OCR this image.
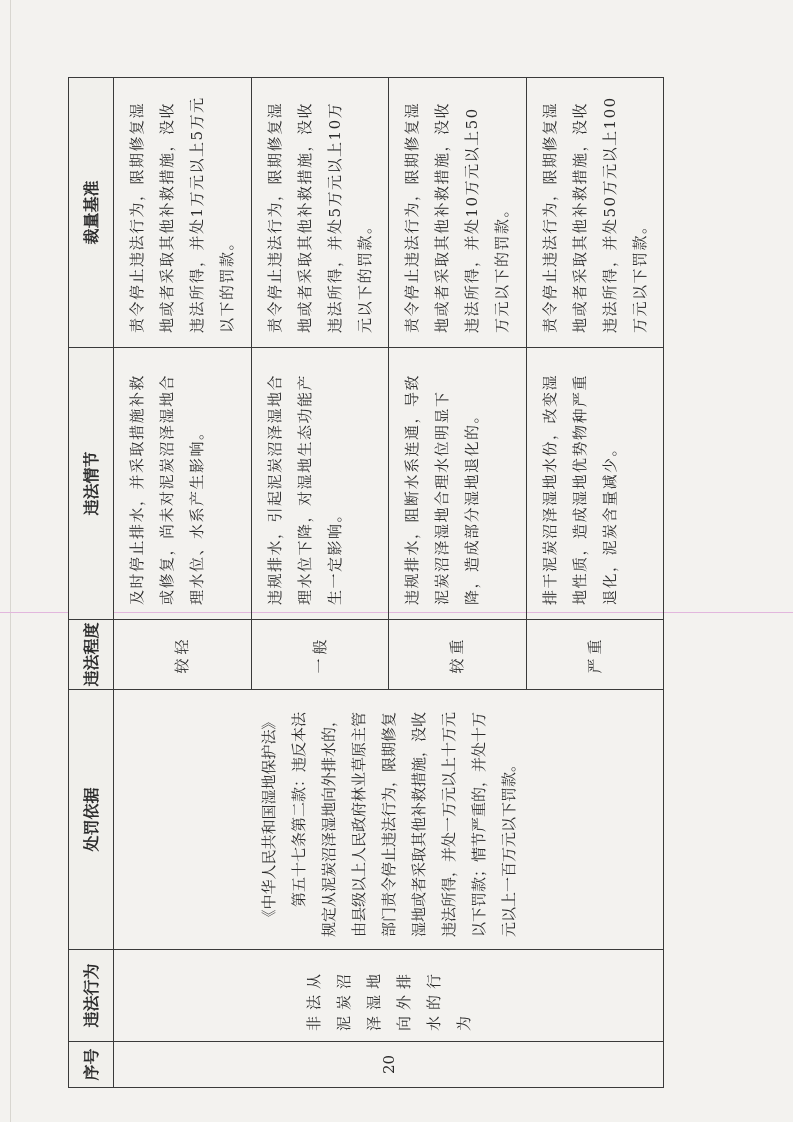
序号	违法行为	处罚依据	违法程度	违法情节	裁量基准
20	非法从泥炭沼泽湿地向外排水的行为	《中华人民共和国湿地保护法》 第五十七条第二款：违反本法规定从泥炭沼泽湿地向外排水的，由县级以上人民政府林业草原主管部门责令停止违法行为，限期修复湿地或者采取其他补救措施，没收违法所得，并处一万元以上十万元以下罚款；情节严重的，并处十万元以上一百万元以下罚款。	较轻	及时停止排水，并采取措施补救或修复，尚未对泥炭沼泽湿地合理水位、水系产生影响。	责令停止违法行为，限期修复湿地或者采取其他补救措施，没收违法所得，并处1万元以上5万元以下的罚款。
			一般	违规排水，引起泥炭沼泽湿地合理水位下降，对湿地生态功能产生一定影响。	责令停止违法行为，限期修复湿地或者采取其他补救措施，没收违法所得，并处5万元以上10万元以下的罚款。
			较重	违规排水，阻断水系连通，导致泥炭沼泽湿地合理水位明显下降，造成部分湿地退化的。	责令停止违法行为，限期修复湿地或者采取其他补救措施，没收违法所得，并处10万元以上50万元以下的罚款。
			严重	排干泥炭沼泽湿地水份，改变湿地性质，造成湿地优势物种严重退化，泥炭含量减少。	责令停止违法行为，限期修复湿地或者采取其他补救措施，没收违法所得，并处50万元以上100万元以下罚款。
